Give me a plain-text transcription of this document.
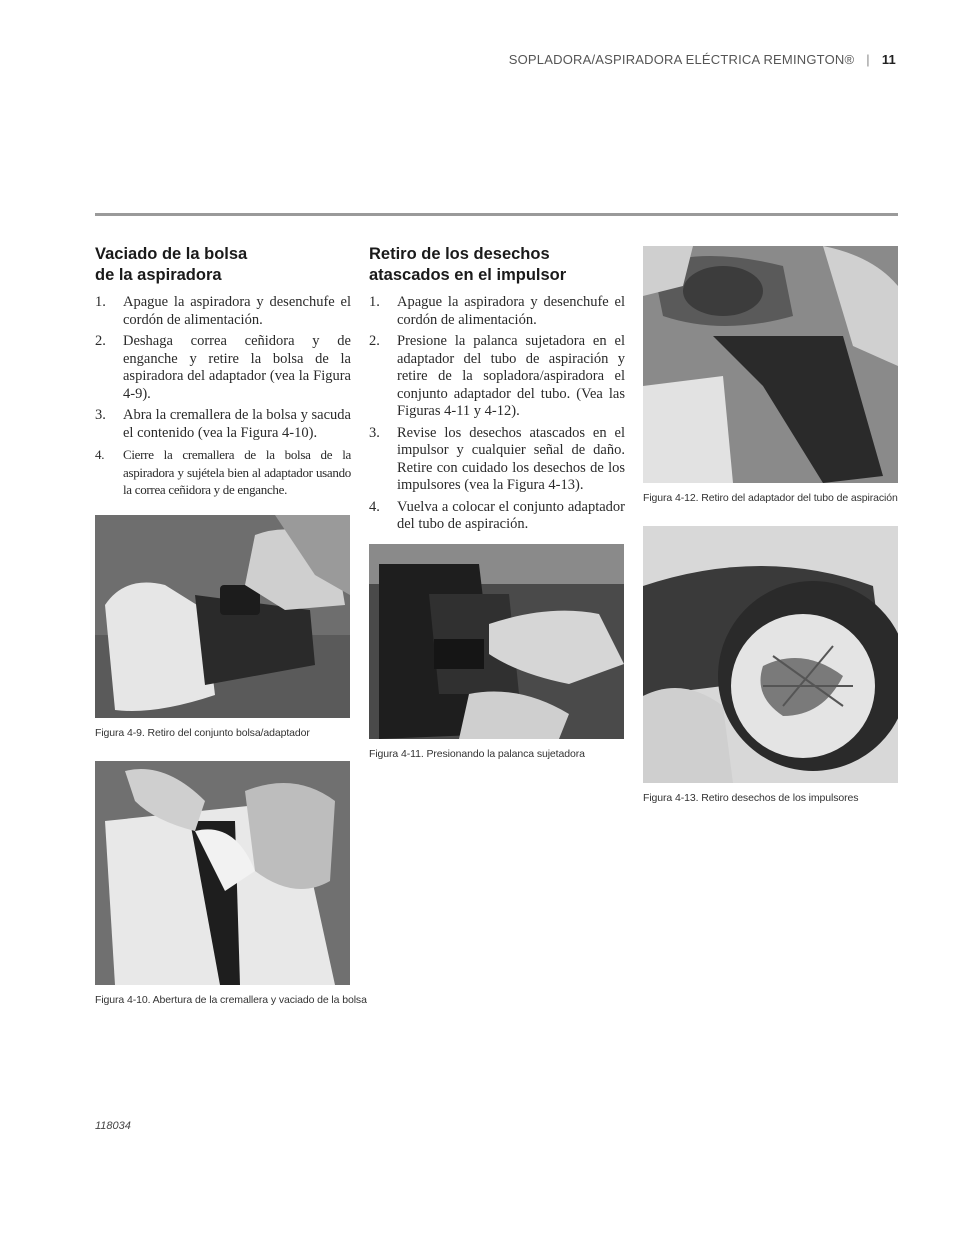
SOPLADORA/ASPIRADORA ELÉCTRICA REMINGTON® | 11
Vaciado de la bolsa
de la aspiradora
1. Apague la aspiradora y desenchufe el cordón de alimentación.
2. Deshaga correa ceñidora y de enganche y retire la bolsa de la aspiradora del adaptador (vea la Figura 4-9).
3. Abra la cremallera de la bolsa y sacuda el contenido (vea la Figura 4-10).
4. Cierre la cremallera de la bolsa de la aspiradora y sujétela bien al adaptador usando la correa ceñidora y de enganche.
Figura 4-9. Retiro del conjunto bolsa/adaptador
Figura 4-10. Abertura de la cremallera y vaciado de la bolsa
Retiro de los desechos
atascados en el impulsor
1. Apague la aspiradora y desenchufe el cordón de alimentación.
2. Presione la palanca sujetadora en el adaptador del tubo de aspiración y retire de la sopladora/aspiradora el conjunto adaptador del tubo. (Vea las Figuras 4-11 y 4-12).
3. Revise los desechos atascados en el impulsor y cualquier señal de daño. Retire con cuidado los desechos de los impulsores (vea la Figura 4-13).
4. Vuelva a colocar el conjunto adaptador del tubo de aspiración.
Figura 4-11. Presionando la palanca sujetadora
Figura 4-12. Retiro del adaptador del tubo de aspiración
Figura 4-13. Retiro desechos de los impulsores
118034
